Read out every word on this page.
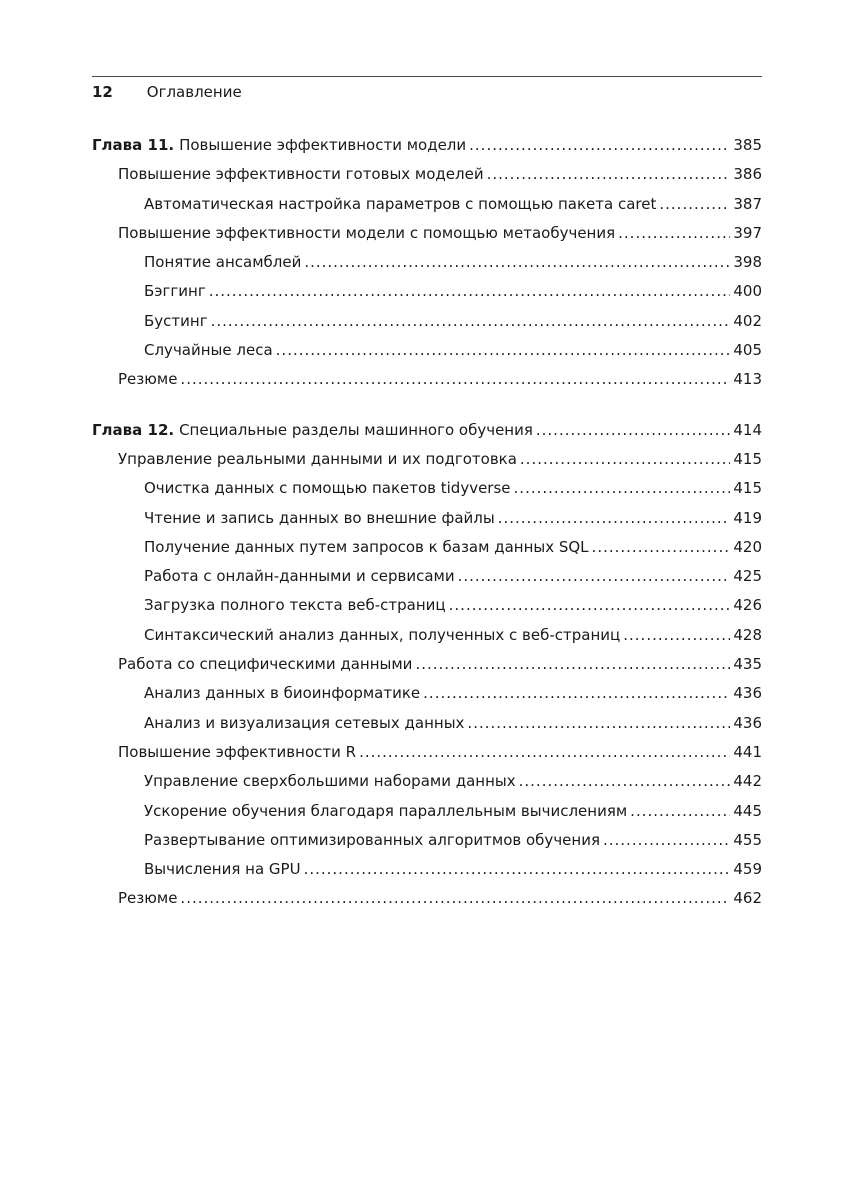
12 Оглавление
Глава 11. Повышение эффективности модели .....	385
Повышение эффективности готовых моделей .....	386
Автоматическая настройка параметров с помощью пакета caret .....	387
Повышение эффективности модели с помощью метаобучения .....	397
Понятие ансамблей .....	398
Бэггинг .....	400
Бустинг .....	402
Случайные леса .....	405
Резюме .....	413
Глава 12. Специальные разделы машинного обучения .....	414
Управление реальными данными и их подготовка .....	415
Очистка данных с помощью пакетов tidyverse .....	415
Чтение и запись данных во внешние файлы .....	419
Получение данных путем запросов к базам данных SQL .....	420
Работа с онлайн-данными и сервисами .....	425
Загрузка полного текста веб-страниц .....	426
Синтаксический анализ данных, полученных с веб-страниц .....	428
Работа со специфическими данными .....	435
Анализ данных в биоинформатике .....	436
Анализ и визуализация сетевых данных .....	436
Повышение эффективности R .....	441
Управление сверхбольшими наборами данных .....	442
Ускорение обучения благодаря параллельным вычислениям .....	445
Развертывание оптимизированных алгоритмов обучения .....	455
Вычисления на GPU .....	459
Резюме .....	462
